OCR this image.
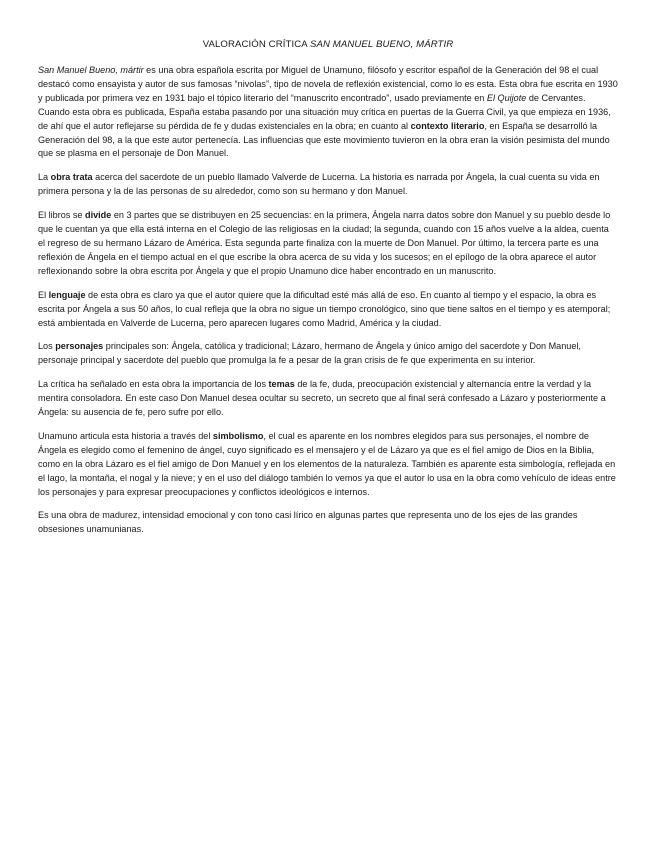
VALORACIÓN CRÍTICA SAN MANUEL BUENO, MÁRTIR

San Manuel Bueno, mártir es una obra española escrita por Miguel de Unamuno, filósofo y escritor español de la Generación del 98 el cual destacó como ensayista y autor de sus famosas “nivolas”, tipo de novela de reflexión existencial, como lo es esta. Esta obra fue escrita en 1930 y publicada por primera vez en 1931 bajo el tópico literario del “manuscrito encontrado”, usado previamente en El Quijote de Cervantes. Cuando esta obra es publicada, España estaba pasando por una situación muy crítica en puertas de la Guerra Civil, ya que empieza en 1936, de ahí que el autor reflejarse su pérdida de fe y dudas existenciales en la obra; en cuanto al contexto literario, en España se desarrolló la Generación del 98, a la que este autor pertenecía. Las influencias que este movimiento tuvieron en la obra eran la visión pesimista del mundo que se plasma en el personaje de Don Manuel.

La obra trata acerca del sacerdote de un pueblo llamado Valverde de Lucerna. La historia es narrada por Ángela, la cual cuenta su vida en primera persona y la de las personas de su alrededor, como son su hermano y don Manuel.

El libros se divide en 3 partes que se distribuyen en 25 secuencias: en la primera, Ángela narra datos sobre don Manuel y su pueblo desde lo que le cuentan ya que ella está interna en el Colegio de las religiosas en la ciudad; la segunda, cuando con 15 años vuelve a la aldea, cuenta el regreso de su hermano Lázaro de América. Esta segunda parte finaliza con la muerte de Don Manuel. Por último, la tercera parte es una reflexión de Ángela en el tiempo actual en el que escribe la obra acerca de su vida y los sucesos; en el epílogo de la obra aparece el autor reflexionando sobre la obra escrita por Ángela y que el propio Unamuno dice haber encontrado en un manuscrito.

El lenguaje de esta obra es claro ya que el autor quiere que la dificultad esté más allá de eso. En cuanto al tiempo y el espacio, la obra es escrita por Ángela a sus 50 años, lo cual refleja que la obra no sigue un tiempo cronológico, sino que tiene saltos en el tiempo y es atemporal; está ambientada en Valverde de Lucerna, pero aparecen lugares como Madrid, América y la ciudad.

Los personajes principales son: Ángela, católica y tradicional; Lázaro, hermano de Ángela y único amigo del sacerdote y Don Manuel, personaje principal y sacerdote del pueblo que promulga la fe a pesar de la gran crisis de fe que experimenta en su interior.

La crítica ha señalado en esta obra la importancia de los temas de la fe, duda, preocupación existencial y alternancia entre la verdad y la mentira consoladora. En este caso Don Manuel desea ocultar su secreto, un secreto que al final será confesado a Lázaro y posteriormente a Ángela: su ausencia de fe, pero sufre por ello.

Unamuno articula esta historia a través del simbolismo, el cual es aparente en los nombres elegidos para sus personajes, el nombre de Ángela es elegido como el femenino de ángel, cuyo significado es el mensajero y el de Lázaro ya que es el fiel amigo de Dios en la Biblia, como en la obra Lázaro es el fiel amigo de Don Manuel y en los elementos de la naturaleza. También es aparente esta simbología, reflejada en el lago, la montaña, el nogal y la nieve; y en el uso del diálogo también lo vemos ya que el autor lo usa en la obra como vehículo de ideas entre los personajes y para expresar preocupaciones y conflictos ideológicos e internos.

Es una obra de madurez, intensidad emocional y con tono casi lírico en algunas partes que representa uno de los ejes de las grandes obsesiones unamunianas.
